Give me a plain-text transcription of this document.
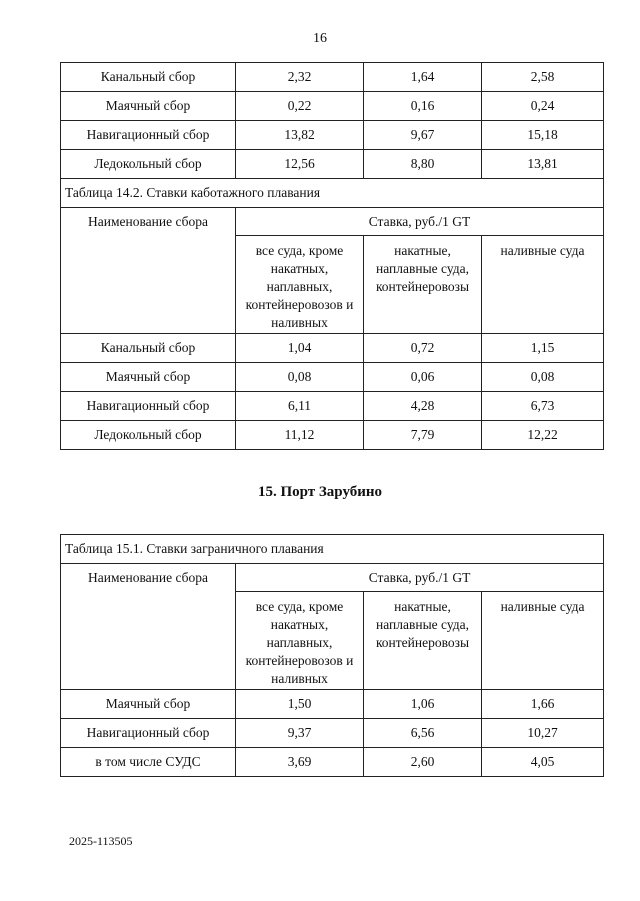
16
Канальный сбор	2,32	1,64	2,58
Маячный сбор	0,22	0,16	0,24
Навигационный сбор	13,82	9,67	15,18
Ледокольный сбор	12,56	8,80	13,81
Таблица 14.2. Ставки каботажного плавания			
Наименование сбора	Ставка, руб./1 GT		
	все суда, кроме накатных, наплавных, контейнеровозов и наливных	накатные, наплавные суда, контейнеровозы	наливные суда
Канальный сбор	1,04	0,72	1,15
Маячный сбор	0,08	0,06	0,08
Навигационный сбор	6,11	4,28	6,73
Ледокольный сбор	11,12	7,79	12,22
15. Порт Зарубино
Таблица 15.1. Ставки заграничного плавания			
Наименование сбора	Ставка, руб./1 GT		
	все суда, кроме накатных, наплавных, контейнеровозов и наливных	накатные, наплавные суда, контейнеровозы	наливные суда
Маячный сбор	1,50	1,06	1,66
Навигационный сбор	9,37	6,56	10,27
в том числе СУДС	3,69	2,60	4,05
2025-113505
